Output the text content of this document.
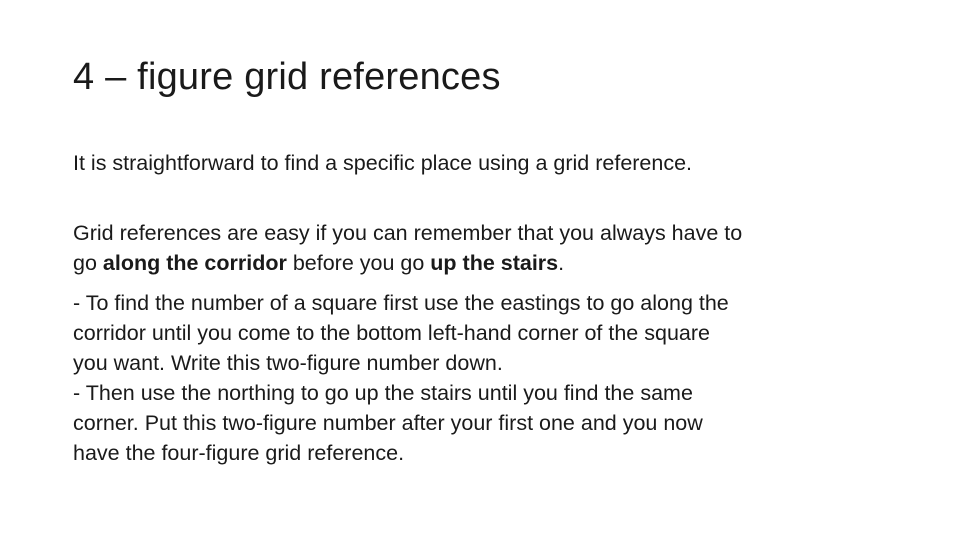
4 – figure grid references
It is straightforward to find a specific place using a grid reference.
Grid references are easy if you can remember that you always have to
go along the corridor before you go up the stairs.
- To find the number of a square first use the eastings to go along the
corridor until you come to the bottom left-hand corner of the square
you want. Write this two-figure number down.
- Then use the northing to go up the stairs until you find the same
corner. Put this two‑figure number after your first one and you now
have the four-figure grid reference.
